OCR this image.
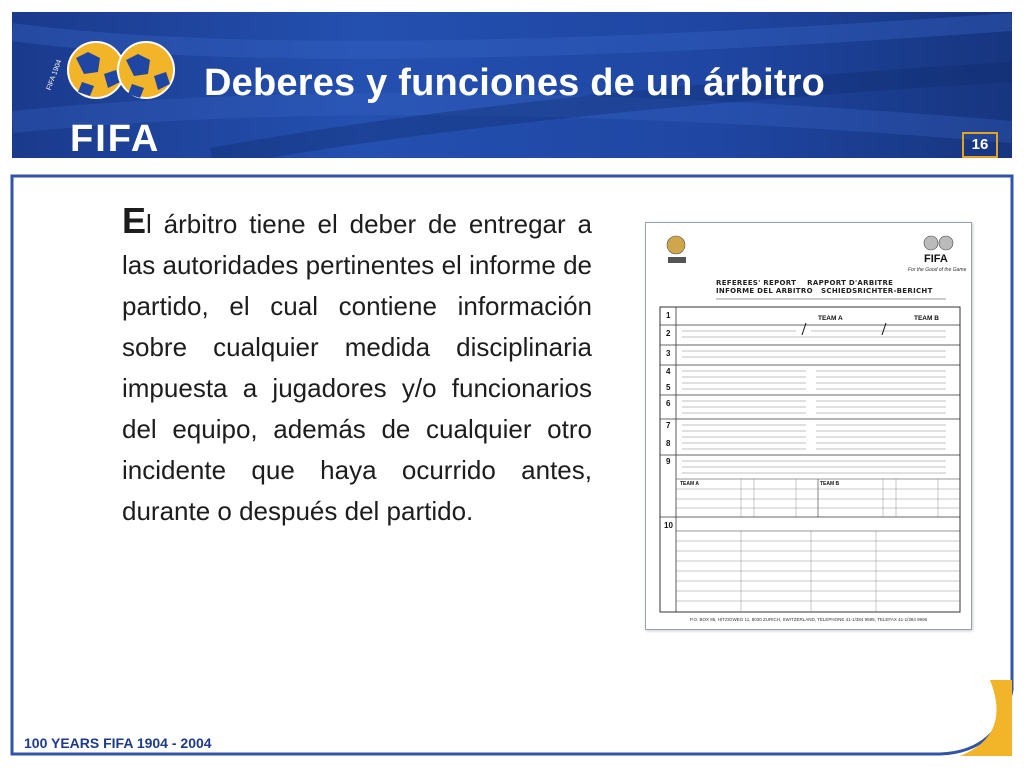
FIFA 1904
FIFA
Deberes y funciones de un árbitro
16

El árbitro tiene el deber de entregar a las autoridades pertinentes el informe de partido, el cual contiene información sobre cualquier medida disciplinaria impuesta a jugadores y/o funcionarios del equipo, además de cualquier otro incidente que haya ocurrido antes, durante o después del partido.

REFEREES' REPORT RAPPORT D'ARBITRE
INFORME DEL ARBITRO SCHIEDSRICHTER-BERICHT
FIFA
For the Good of the Game
TEAM A
TEAM B
TEAM A
TEAM B
1
2
3
4
5
6
7
8
9
10
P.O. BOX 85, HITZIGWEG 11, 8030 ZURICH, SWITZERLAND, TELEPHONE 41-1/384 9595, TELEFAX 41-1/384 9696
100 YEARS FIFA 1904 - 2004
